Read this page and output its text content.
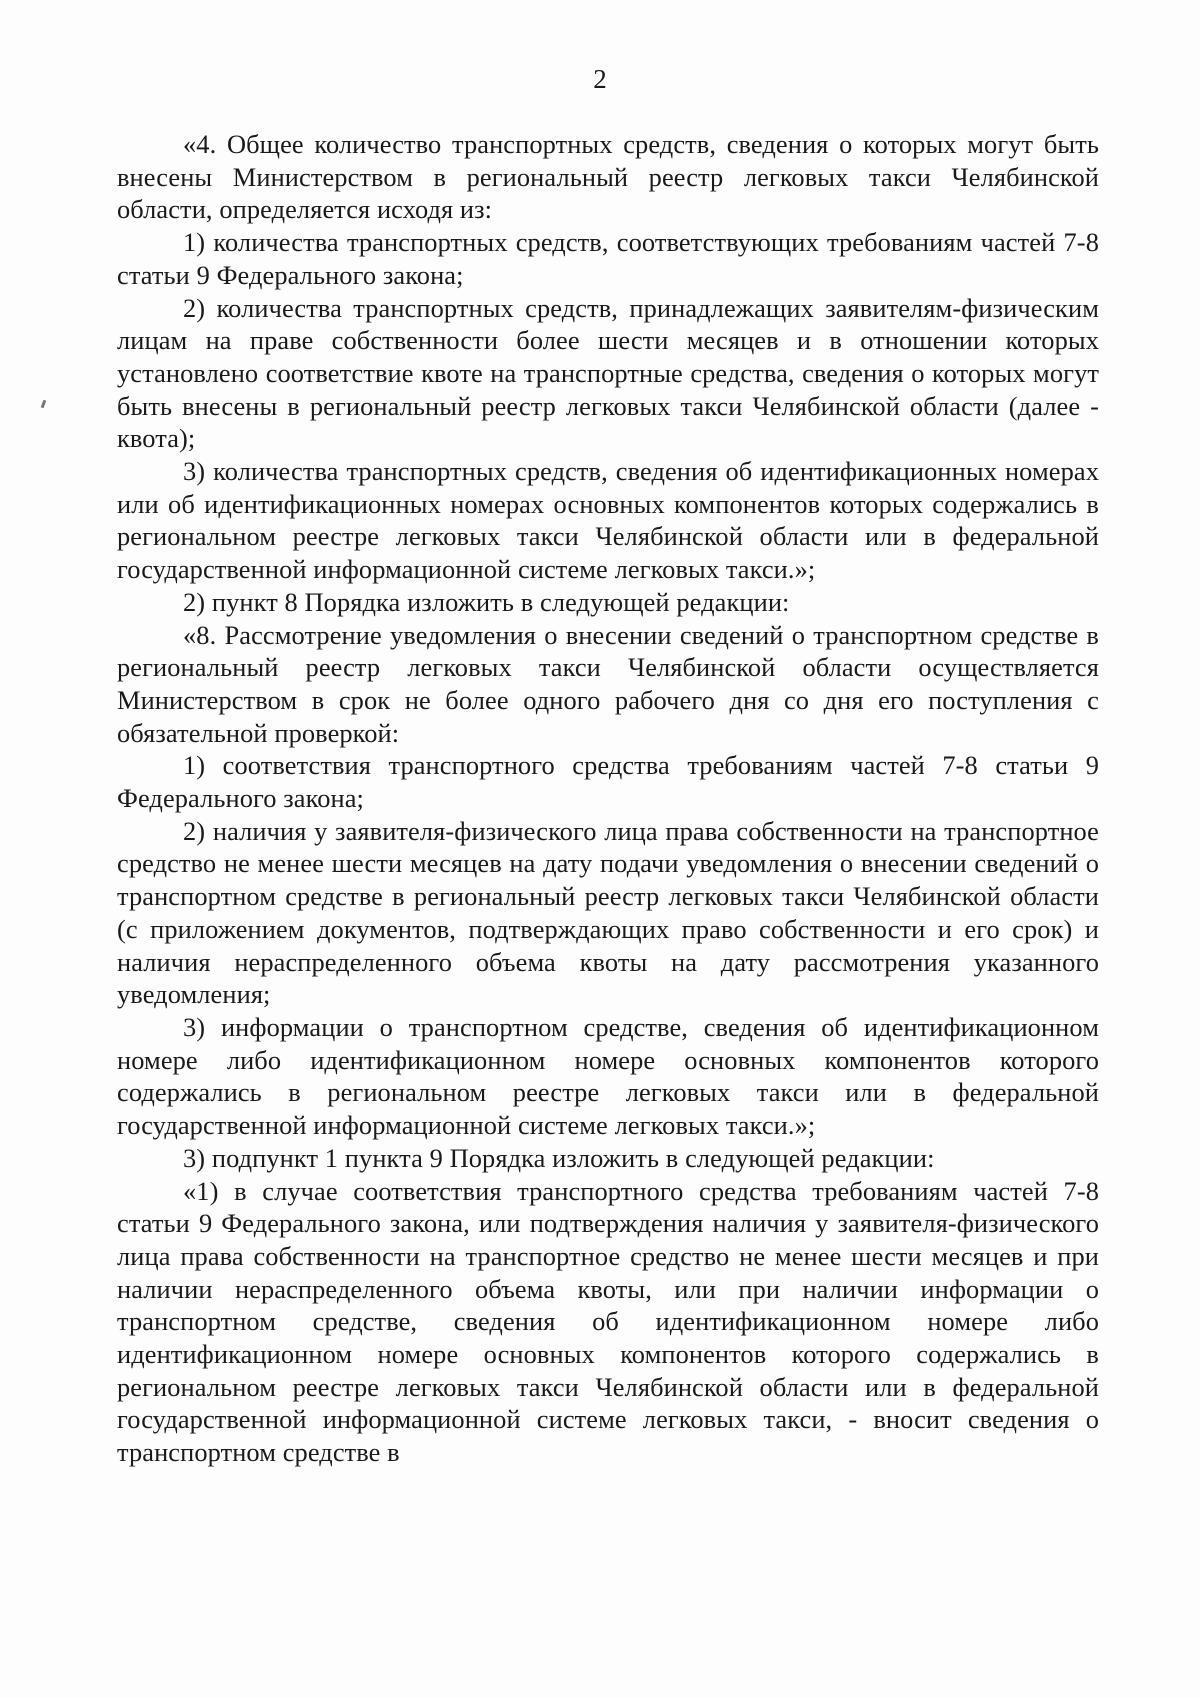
2

«4. Общее количество транспортных средств, сведения о которых могут быть внесены Министерством в региональный реестр легковых такси Челябинской области, определяется исходя из:

1) количества транспортных средств, соответствующих требованиям частей 7-8 статьи 9 Федерального закона;

2) количества транспортных средств, принадлежащих заявителям-физическим лицам на праве собственности более шести месяцев и в отношении которых установлено соответствие квоте на транспортные средства, сведения о которых могут быть внесены в региональный реестр легковых такси Челябинской области (далее - квота);

3) количества транспортных средств, сведения об идентификационных номерах или об идентификационных номерах основных компонентов которых содержались в региональном реестре легковых такси Челябинской области или в федеральной государственной информационной системе легковых такси.»;

2) пункт 8 Порядка изложить в следующей редакции:

«8. Рассмотрение уведомления о внесении сведений о транспортном средстве в региональный реестр легковых такси Челябинской области осуществляется Министерством в срок не более одного рабочего дня со дня его поступления с обязательной проверкой:

1) соответствия транспортного средства требованиям частей 7-8 статьи 9 Федерального закона;

2) наличия у заявителя-физического лица права собственности на транспортное средство не менее шести месяцев на дату подачи уведомления о внесении сведений о транспортном средстве в региональный реестр легковых такси Челябинской области (с приложением документов, подтверждающих право собственности и его срок) и наличия нераспределенного объема квоты на дату рассмотрения указанного уведомления;

3) информации о транспортном средстве, сведения об идентификационном номере либо идентификационном номере основных компонентов которого содержались в региональном реестре легковых такси или в федеральной государственной информационной системе легковых такси.»;

3) подпункт 1 пункта 9 Порядка изложить в следующей редакции:

«1) в случае соответствия транспортного средства требованиям частей 7-8 статьи 9 Федерального закона, или подтверждения наличия у заявителя-физического лица права собственности на транспортное средство не менее шести месяцев и при наличии нераспределенного объема квоты, или при наличии информации о транспортном средстве, сведения об идентификационном номере либо идентификационном номере основных компонентов которого содержались в региональном реестре легковых такси Челябинской области или в федеральной государственной информационной системе легковых такси, - вносит сведения о транспортном средстве в
